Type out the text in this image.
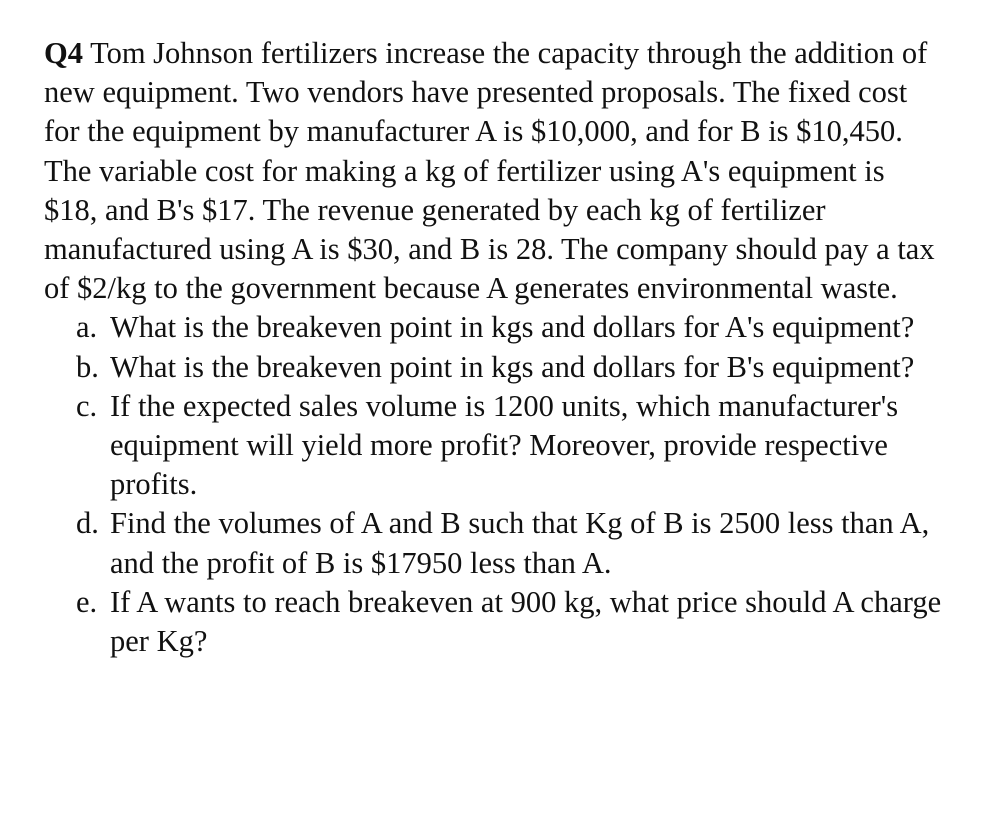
Q4 Tom Johnson fertilizers increase the capacity through the addition of new equipment. Two vendors have presented proposals. The fixed cost for the equipment by manufacturer A is $10,000, and for B is $10,450. The variable cost for making a kg of fertilizer using A's equipment is $18, and B's $17. The revenue generated by each kg of fertilizer manufactured using A is $30, and B is 28. The company should pay a tax of $2/kg to the government because A generates environmental waste.

a. What is the breakeven point in kgs and dollars for A's equipment?
b. What is the breakeven point in kgs and dollars for B's equipment?
c. If the expected sales volume is 1200 units, which manufacturer's equipment will yield more profit? Moreover, provide respective profits.
d. Find the volumes of A and B such that Kg of B is 2500 less than A, and the profit of B is $17950 less than A.
e. If A wants to reach breakeven at 900 kg, what price should A charge per Kg?
